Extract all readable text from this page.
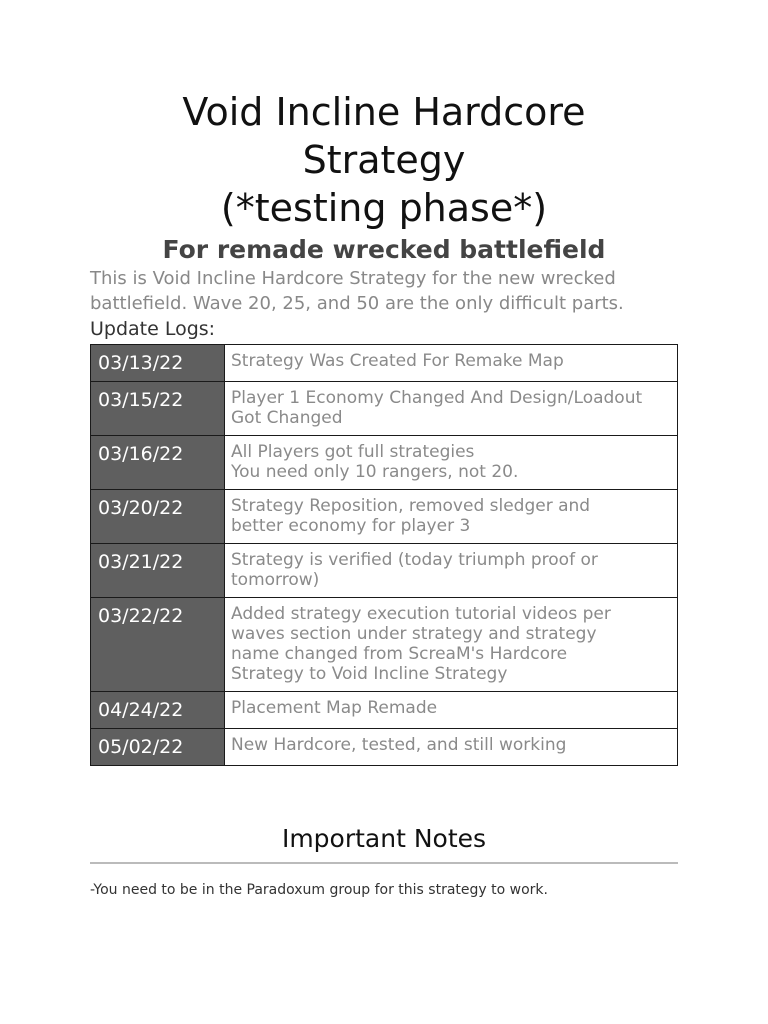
Void Incline Hardcore
Strategy
(*testing phase*)
For remade wrecked battlefield

This is Void Incline Hardcore Strategy for the new wrecked battlefield. Wave 20, 25, and 50 are the only difficult parts.

Update Logs:
03/13/22	Strategy Was Created For Remake Map

03/15/22	Player 1 Economy Changed And Design/Loadout
Got Changed

03/16/22	All Players got full strategies
You need only 10 rangers, not 20.

03/20/22	Strategy Reposition, removed sledger and
better economy for player 3

03/21/22	Strategy is verified (today triumph proof or
tomorrow)

03/22/22	Added strategy execution tutorial videos per
waves section under strategy and strategy
name changed from ScreaM's Hardcore
Strategy to Void Incline Strategy

04/24/22	Placement Map Remade

05/02/22	New Hardcore, tested, and still working
Important Notes

-You need to be in the Paradoxum group for this strategy to work.
